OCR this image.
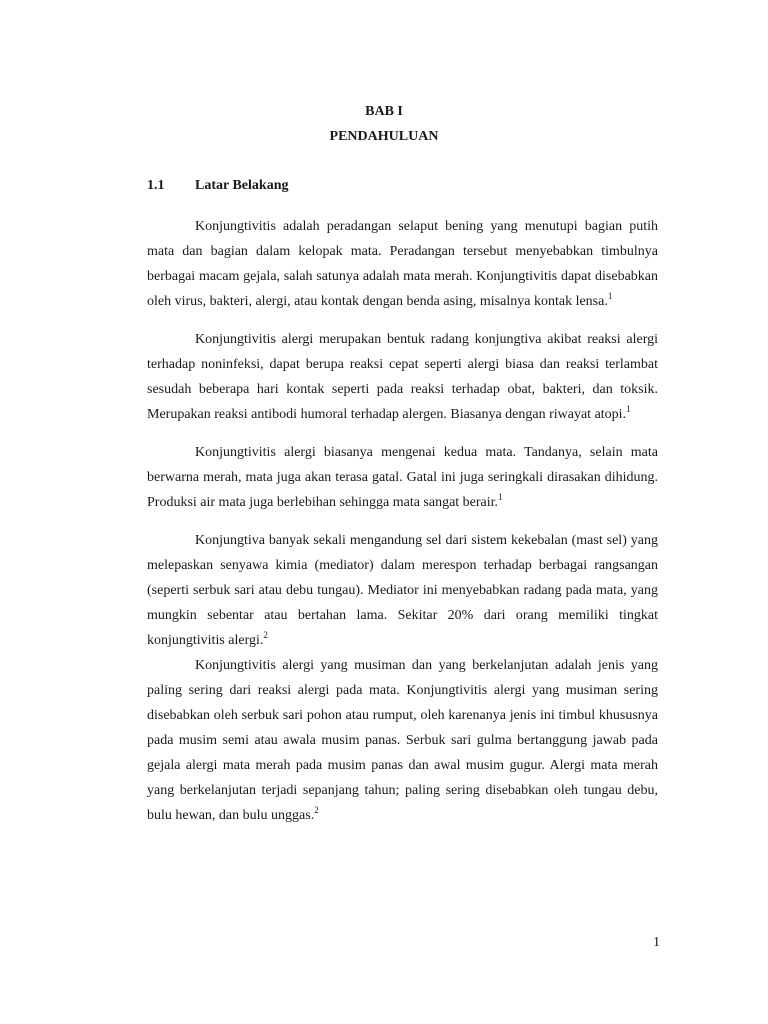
BAB I
PENDAHULUAN
1.1 Latar Belakang

Konjungtivitis adalah peradangan selaput bening yang menutupi bagian putih mata dan bagian dalam kelopak mata. Peradangan tersebut menyebabkan timbulnya berbagai macam gejala, salah satunya adalah mata merah. Konjungtivitis dapat disebabkan oleh virus, bakteri, alergi, atau kontak dengan benda asing, misalnya kontak lensa.$^1$

Konjungtivitis alergi merupakan bentuk radang konjungtiva akibat reaksi alergi terhadap noninfeksi, dapat berupa reaksi cepat seperti alergi biasa dan reaksi terlambat sesudah beberapa hari kontak seperti pada reaksi terhadap obat, bakteri, dan toksik. Merupakan reaksi antibodi humoral terhadap alergen. Biasanya dengan riwayat atopi.$^1$

Konjungtivitis alergi biasanya mengenai kedua mata. Tandanya, selain mata berwarna merah, mata juga akan terasa gatal. Gatal ini juga seringkali dirasakan dihidung. Produksi air mata juga berlebihan sehingga mata sangat berair.$^1$

Konjungtiva banyak sekali mengandung sel dari sistem kekebalan (mast sel) yang melepaskan senyawa kimia (mediator) dalam merespon terhadap berbagai rangsangan (seperti serbuk sari atau debu tungau). Mediator ini menyebabkan radang pada mata, yang mungkin sebentar atau bertahan lama. Sekitar 20% dari orang memiliki tingkat konjungtivitis alergi.$^2$

Konjungtivitis alergi yang musiman dan yang berkelanjutan adalah jenis yang paling sering dari reaksi alergi pada mata. Konjungtivitis alergi yang musiman sering disebabkan oleh serbuk sari pohon atau rumput, oleh karenanya jenis ini timbul khususnya pada musim semi atau awala musim panas. Serbuk sari gulma bertanggung jawab pada gejala alergi mata merah pada musim panas dan awal musim gugur. Alergi mata merah yang berkelanjutan terjadi sepanjang tahun; paling sering disebabkan oleh tungau debu, bulu hewan, dan bulu unggas.$^2$

1
